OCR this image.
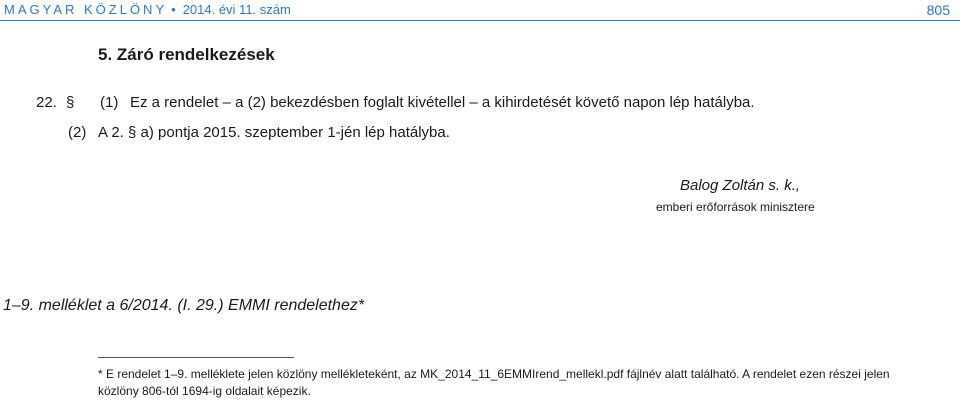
MAGYAR KÖZLÖNY • 2014. évi 11. szám	805
5. Záró rendelkezések
22. § (1) Ez a rendelet – a (2) bekezdésben foglalt kivétellel – a kihirdetését követő napon lép hatályba.
(2) A 2. § a) pontja 2015. szeptember 1-jén lép hatályba.
Balog Zoltán s. k.,
emberi erőforrások minisztere
1–9. melléklet a 6/2014. (I. 29.) EMMI rendelethez*
* E rendelet 1–9. melléklete jelen közlöny mellékleteként, az MK_2014_11_6EMMIrend_mellekl.pdf fájlnév alatt található. A rendelet ezen részei jelen
közlöny 806-tól 1694-ig oldalait képezik.
